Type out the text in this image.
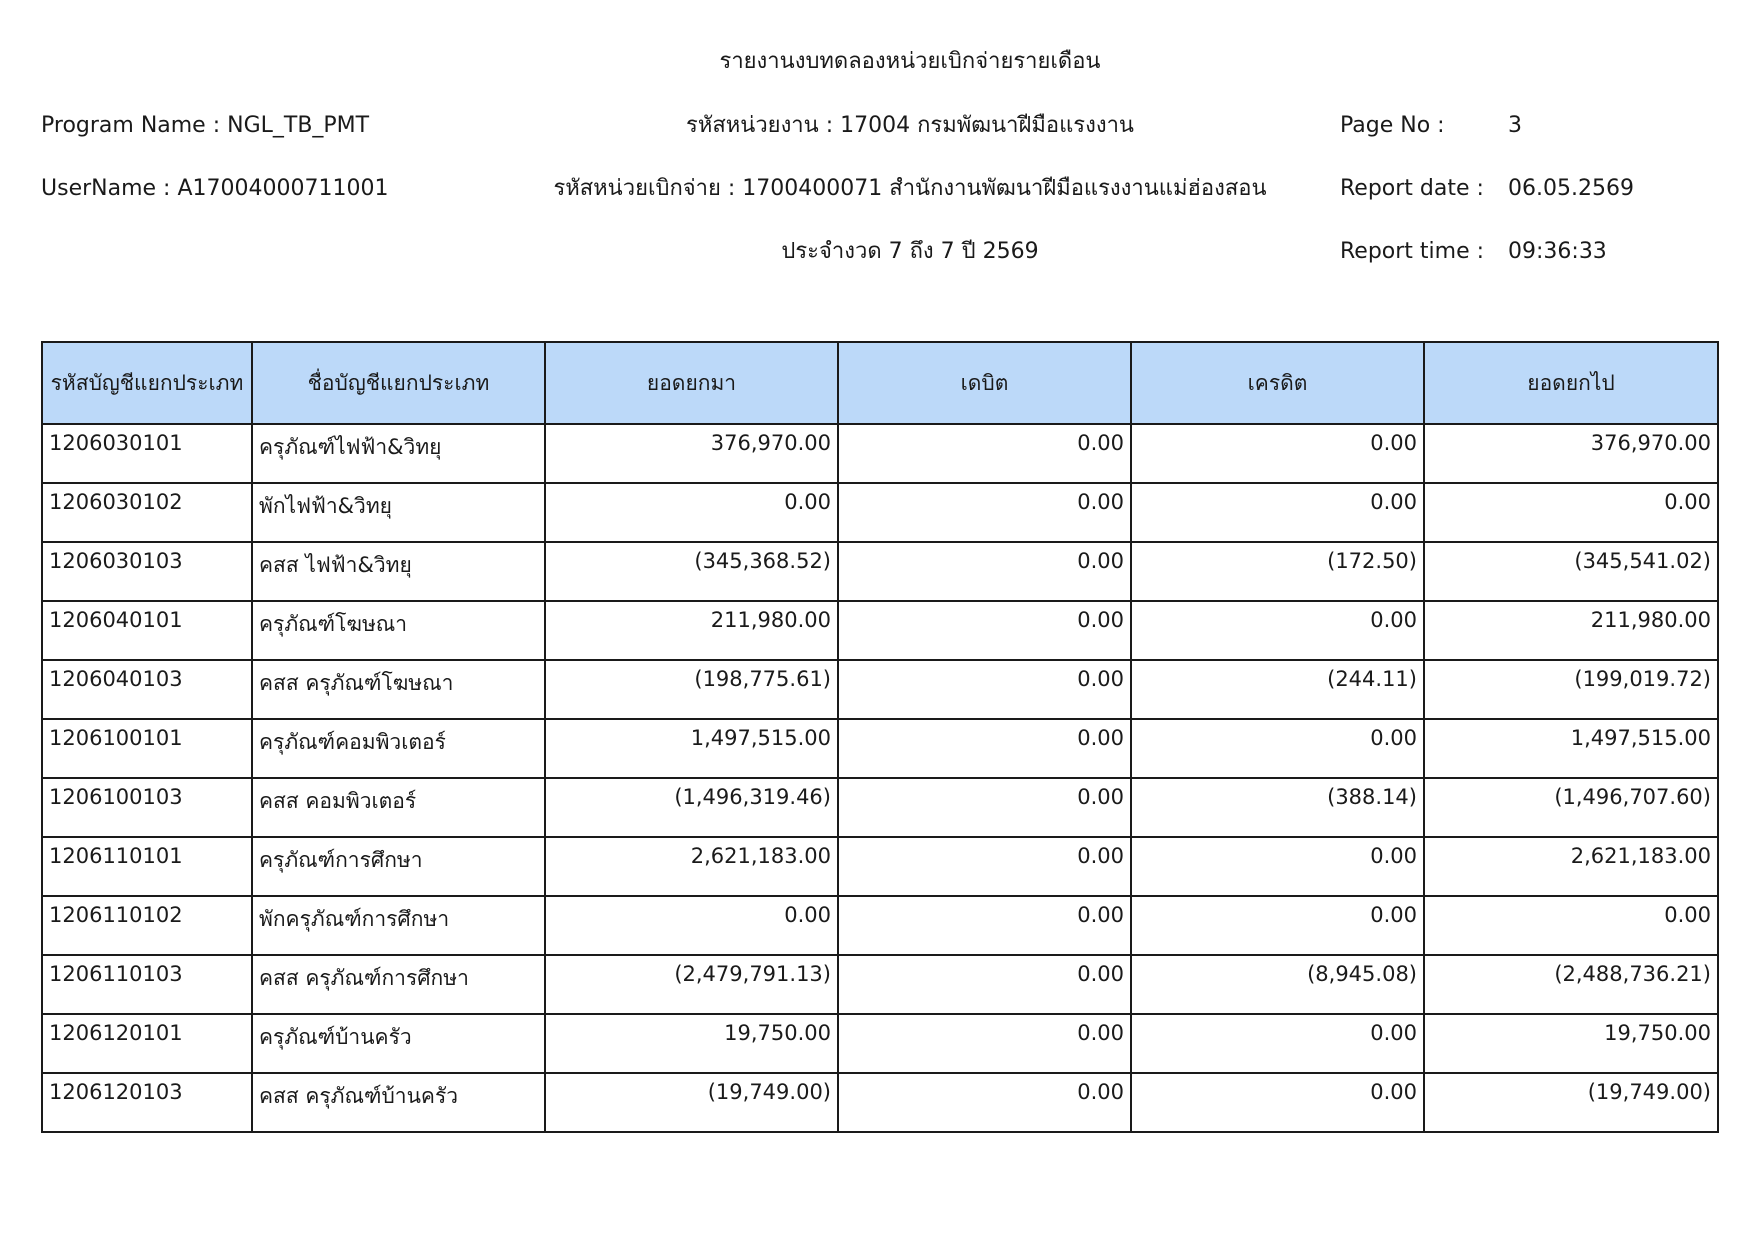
รายงานงบทดลองหน่วยเบิกจ่ายรายเดือน
Program Name : NGL_TB_PMT	รหัสหน่วยงาน : 17004 กรมพัฒนาฝีมือแรงงาน	Page No :	3
UserName : A17004000711001	รหัสหน่วยเบิกจ่าย : 1700400071 สำนักงานพัฒนาฝีมือแรงงานแม่ฮ่องสอน	Report date : 06.05.2569
ประจำงวด 7 ถึง 7 ปี 2569	Report time : 09:36:33
รหัสบัญชีแยกประเภท	ชื่อบัญชีแยกประเภท	ยอดยกมา	เดบิต	เครดิต	ยอดยกไป
1206030101	ครุภัณฑ์ไฟฟ้า&วิทยุ	376,970.00	0.00	0.00	376,970.00
1206030102	พักไฟฟ้า&วิทยุ	0.00	0.00	0.00	0.00
1206030103	คสส ไฟฟ้า&วิทยุ	(345,368.52)	0.00	(172.50)	(345,541.02)
1206040101	ครุภัณฑ์โฆษณา	211,980.00	0.00	0.00	211,980.00
1206040103	คสส ครุภัณฑ์โฆษณา	(198,775.61)	0.00	(244.11)	(199,019.72)
1206100101	ครุภัณฑ์คอมพิวเตอร์	1,497,515.00	0.00	0.00	1,497,515.00
1206100103	คสส คอมพิวเตอร์	(1,496,319.46)	0.00	(388.14)	(1,496,707.60)
1206110101	ครุภัณฑ์การศึกษา	2,621,183.00	0.00	0.00	2,621,183.00
1206110102	พักครุภัณฑ์การศึกษา	0.00	0.00	0.00	0.00
1206110103	คสส ครุภัณฑ์การศึกษา	(2,479,791.13)	0.00	(8,945.08)	(2,488,736.21)
1206120101	ครุภัณฑ์บ้านครัว	19,750.00	0.00	0.00	19,750.00
1206120103	คสส ครุภัณฑ์บ้านครัว	(19,749.00)	0.00	0.00	(19,749.00)
